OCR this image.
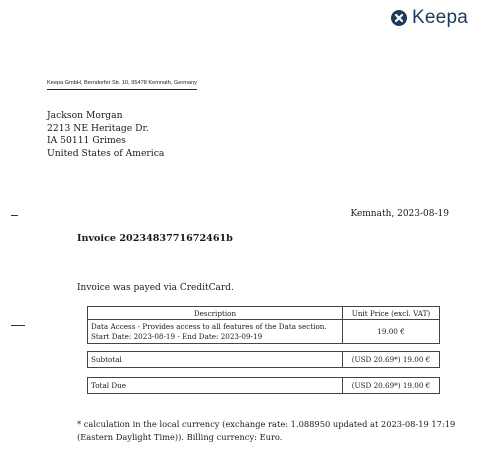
Keepa
Keepa GmbH, Berndorfer Str. 10, 95478 Kemnath, Germany
Jackson Morgan
2213 NE Heritage Dr.
IA 50111 Grimes
United States of America
Kemnath, 2023-08-19
Invoice 2023483771672461b
Invoice was payed via CreditCard.
Description	Unit Price (excl. VAT)

Data Access - Provides access to all features of the Data section.
Start Date: 2023-08-19 - End Date: 2023-09-19	19.00 €
Subtotal	(USD 20.69*) 19.00 €
Total Due	(USD 20.69*) 19.00 €
* calculation in the local currency (exchange rate: 1.088950 updated at 2023-08-19 17:19 (Eastern Daylight Time)). Billing currency: Euro.
